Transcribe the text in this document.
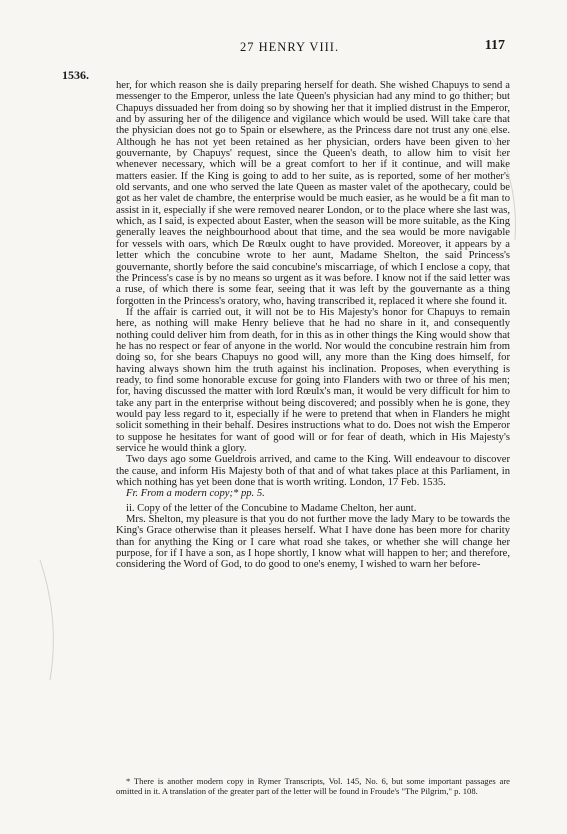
27 HENRY VIII.	117
1536.

her, for which reason she is daily preparing herself for death. She wished Chapuys to send a messenger to the Emperor, unless the late Queen's physician had any mind to go thither; but Chapuys dissuaded her from doing so by showing her that it implied distrust in the Emperor, and by assuring her of the diligence and vigilance which would be used. Will take care that the physician does not go to Spain or elsewhere, as the Princess dare not trust any one else. Although he has not yet been retained as her physician, orders have been given to her gouvernante, by Chapuys' request, since the Queen's death, to allow him to visit her whenever necessary, which will be a great comfort to her if it continue, and will make matters easier. If the King is going to add to her suite, as is reported, some of her mother's old servants, and one who served the late Queen as master valet of the apothecary, could be got as her valet de chambre, the enterprise would be much easier, as he would be a fit man to assist in it, especially if she were removed nearer London, or to the place where she last was, which, as I said, is expected about Easter, when the season will be more suitable, as the King generally leaves the neighbourhood about that time, and the sea would be more navigable for vessels with oars, which De Rœulx ought to have provided. Moreover, it appears by a letter which the concubine wrote to her aunt, Madame Shelton, the said Princess's gouvernante, shortly before the said concubine's miscarriage, of which I enclose a copy, that the Princess's case is by no means so urgent as it was before. I know not if the said letter was a ruse, of which there is some fear, seeing that it was left by the gouvernante as a thing forgotten in the Princess's oratory, who, having transcribed it, replaced it where she found it.

If the affair is carried out, it will not be to His Majesty's honor for Chapuys to remain here, as nothing will make Henry believe that he had no share in it, and consequently nothing could deliver him from death, for in this as in other things the King would show that he has no respect or fear of anyone in the world. Nor would the concubine restrain him from doing so, for she bears Chapuys no good will, any more than the King does himself, for having always shown him the truth against his inclination. Proposes, when everything is ready, to find some honorable excuse for going into Flanders with two or three of his men; for, having discussed the matter with lord Rœulx's man, it would be very difficult for him to take any part in the enterprise without being discovered; and possibly when he is gone, they would pay less regard to it, especially if he were to pretend that when in Flanders he might solicit something in their behalf. Desires instructions what to do. Does not wish the Emperor to suppose he hesitates for want of good will or for fear of death, which in His Majesty's service he would think a glory.

Two days ago some Gueldrois arrived, and came to the King. Will endeavour to discover the cause, and inform His Majesty both of that and of what takes place at this Parliament, in which nothing has yet been done that is worth writing. London, 17 Feb. 1535.

Fr. From a modern copy;* pp. 5.

ii. Copy of the letter of the Concubine to Madame Chelton, her aunt.

Mrs. Shelton, my pleasure is that you do not further move the lady Mary to be towards the King's Grace otherwise than it pleases herself. What I have done has been more for charity than for anything the King or I care what road she takes, or whether she will change her purpose, for if I have a son, as I hope shortly, I know what will happen to her; and therefore, considering the Word of God, to do good to one's enemy, I wished to warn her before-

* There is another modern copy in Rymer Transcripts, Vol. 145, No. 6, but some important passages are omitted in it. A translation of the greater part of the letter will be found in Froude's "The Pilgrim," p. 108.
